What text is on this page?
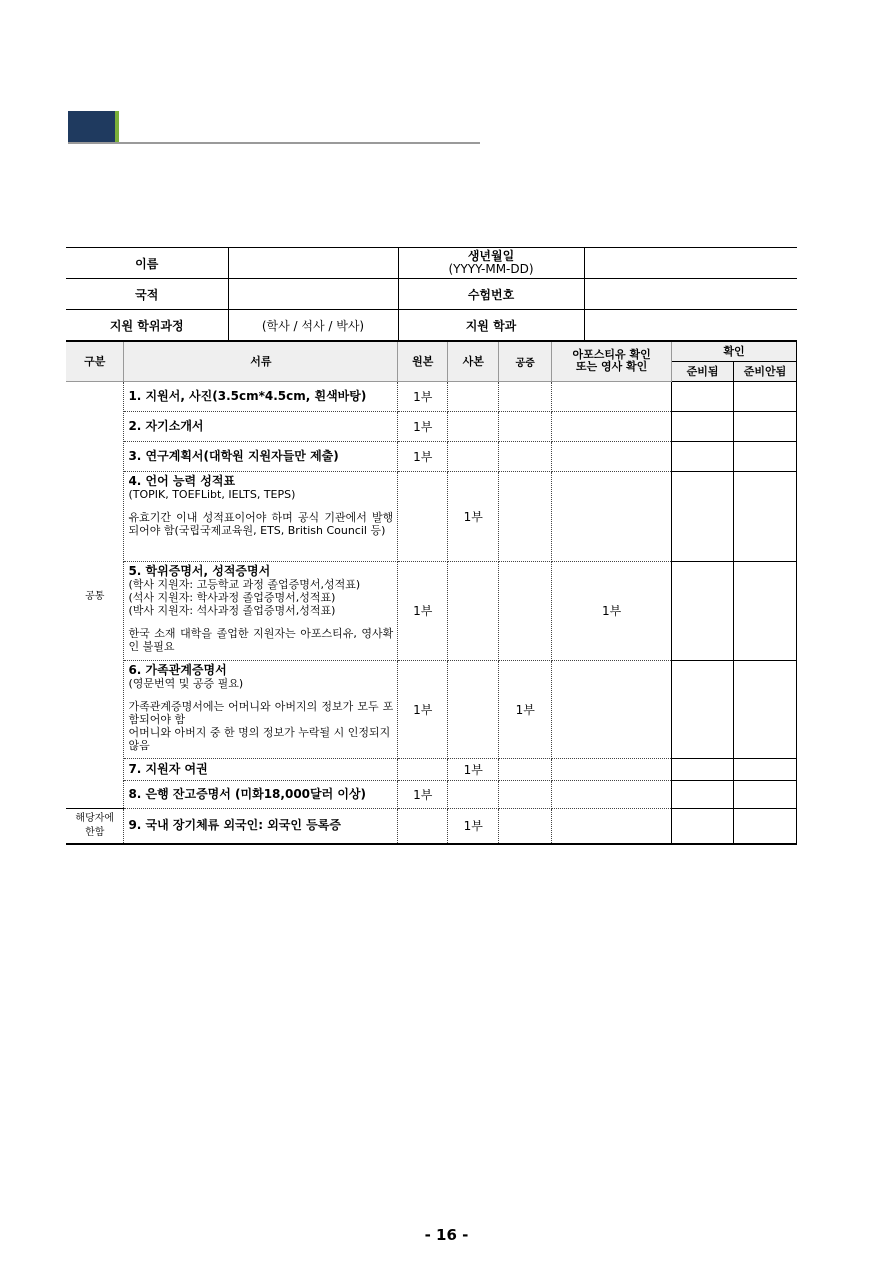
이름		생년월일
(YYYY-MM-DD)	
국적		수험번호	
지원 학위과정	(학사 / 석사 / 박사)	지원 학과	
구분	서류	원본	사본	공증	아포스티유 확인
또는 영사 확인	확인	
						준비됨	준비안됨
공통	1. 지원서, 사진(3.5cm*4.5cm, 흰색바탕)	1부					

	2. 자기소개서	1부					

	3. 연구계획서(대학원 지원자들만 제출)	1부					

	4. 언어 능력 성적표
(TOPIK, TOEFLibt, IELTS, TEPS)
유효기간 이내 성적표이어야 하며 공식 기관에서 발행되어야 함(국립국제교육원, ETS, British Council 등)		1부				

	5. 학위증명서, 성적증명서
(학사 지원자: 고등학교 과정 졸업증명서,성적표)
(석사 지원자: 학사과정 졸업증명서,성적표)
(박사 지원자: 석사과정 졸업증명서,성적표)
한국 소재 대학을 졸업한 지원자는 아포스티유, 영사확인 불필요	1부			1부		

	6. 가족관계증명서
(영문번역 및 공증 필요)
가족관계증명서에는 어머니와 아버지의 정보가 모두 포함되어야 함
어머니와 아버지 중 한 명의 정보가 누락될 시 인정되지 않음	1부		1부			

	7. 지원자 여권		1부				

	8. 은행 잔고증명서 (미화18,000달러 이상)	1부					
해당자에
한함	9. 국내 장기체류 외국인: 외국인 등록증		1부				
- 16 -
